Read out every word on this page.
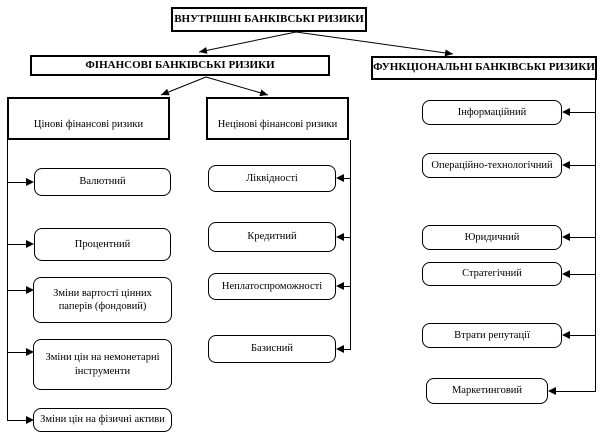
ВНУТРІШНІ БАНКІВСЬКІ РИЗИКИ
ФІНАНСОВІ БАНКІВСЬКІ РИЗИКИ	ФУНКЦІОНАЛЬНІ БАНКІВСЬКІ РИЗИКИ
Цінові фінансові ризики	Нецінові фінансові ризики
Валютний
Процентний
Зміни вартості цінних паперів (фондовий)
Зміни цін на немонетарні інструменти
Зміни цін на фізичні активи
Ліквідності
Кредитний
Неплатоспроможності
Базисний
Інформаційний
Операційно-технологічний
Юридичний
Стратегічний
Втрати репутації
Маркетинговий
